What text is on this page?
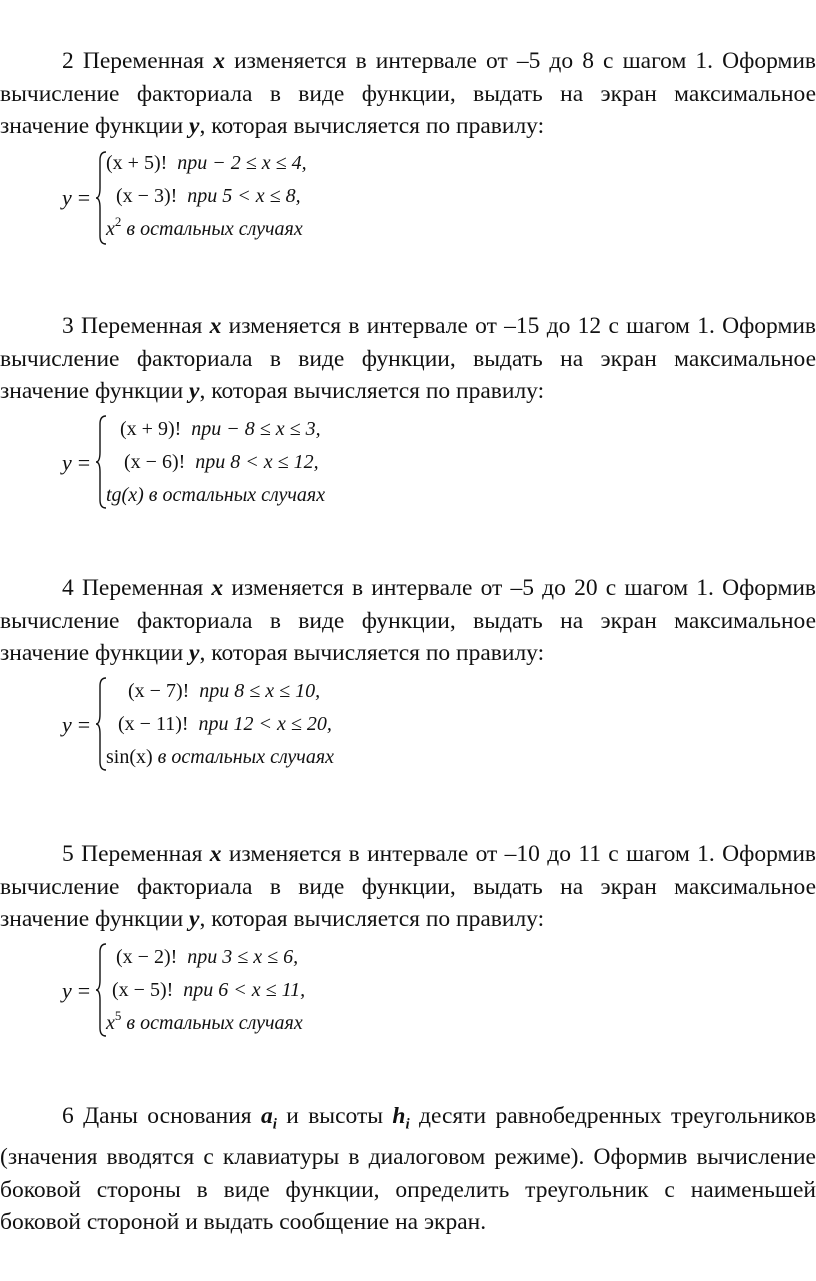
2 Переменная x изменяется в интервале от –5 до 8 с шагом 1. Оформив вычисление факториала в виде функции, выдать на экран максимальное значение функции y, которая вычисляется по правилу:

y =
(x + 5)! при − 2 ≤ x ≤ 4,
(x − 3)! при 5 < x ≤ 8,
$x^2$ в остальных случаях

3 Переменная x изменяется в интервале от –15 до 12 с шагом 1. Оформив вычисление факториала в виде функции, выдать на экран максимальное значение функции y, которая вычисляется по правилу:

y =
(x + 9)! при − 8 ≤ x ≤ 3,
(x − 6)! при 8 < x ≤ 12,
tg(x) в остальных случаях

4 Переменная x изменяется в интервале от –5 до 20 с шагом 1. Оформив вычисление факториала в виде функции, выдать на экран максимальное значение функции y, которая вычисляется по правилу:

y =
(x − 7)! при 8 ≤ x ≤ 10,
(x − 11)! при 12 < x ≤ 20,
sin(x) в остальных случаях

5 Переменная x изменяется в интервале от –10 до 11 с шагом 1. Оформив вычисление факториала в виде функции, выдать на экран максимальное значение функции y, которая вычисляется по правилу:

y =
(x − 2)! при 3 ≤ x ≤ 6,
(x − 5)! при 6 < x ≤ 11,
$x^5$ в остальных случаях

6 Даны основания $a_i$ и высоты $h_i$ десяти равнобедренных треугольников (значения вводятся с клавиатуры в диалоговом режиме). Оформив вычисление боковой стороны в виде функции, определить треугольник с наименьшей боковой стороной и выдать сообщение на экран.
